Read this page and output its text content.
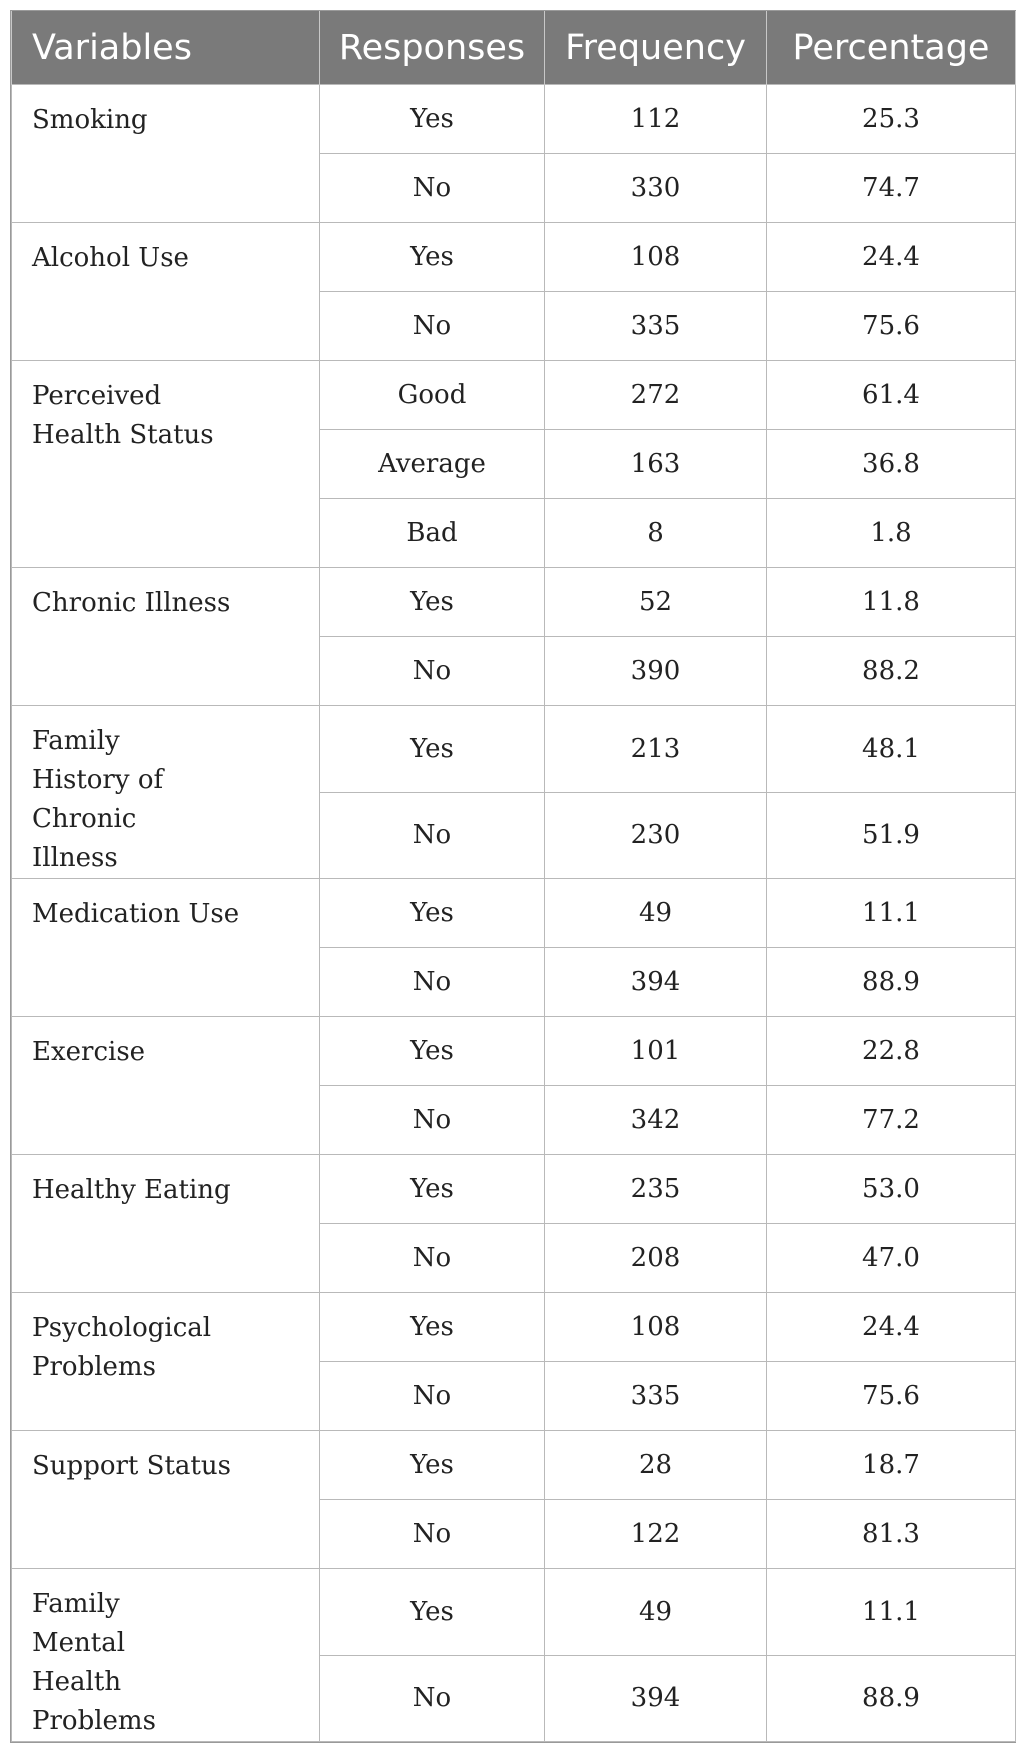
Variables	Responses	Frequency	Percentage
Smoking	Yes	112	25.3
	No	330	74.7
Alcohol Use	Yes	108	24.4
	No	335	75.6
Perceived Health Status	Good	272	61.4
	Average	163	36.8
	Bad	8	1.8
Chronic Illness	Yes	52	11.8
	No	390	88.2
Family History of Chronic Illness	Yes	213	48.1
	No	230	51.9
Medication Use	Yes	49	11.1
	No	394	88.9
Exercise	Yes	101	22.8
	No	342	77.2
Healthy Eating	Yes	235	53.0
	No	208	47.0
Psychological Problems	Yes	108	24.4
	No	335	75.6
Support Status	Yes	28	18.7
	No	122	81.3
Family Mental Health Problems	Yes	49	11.1
	No	394	88.9
